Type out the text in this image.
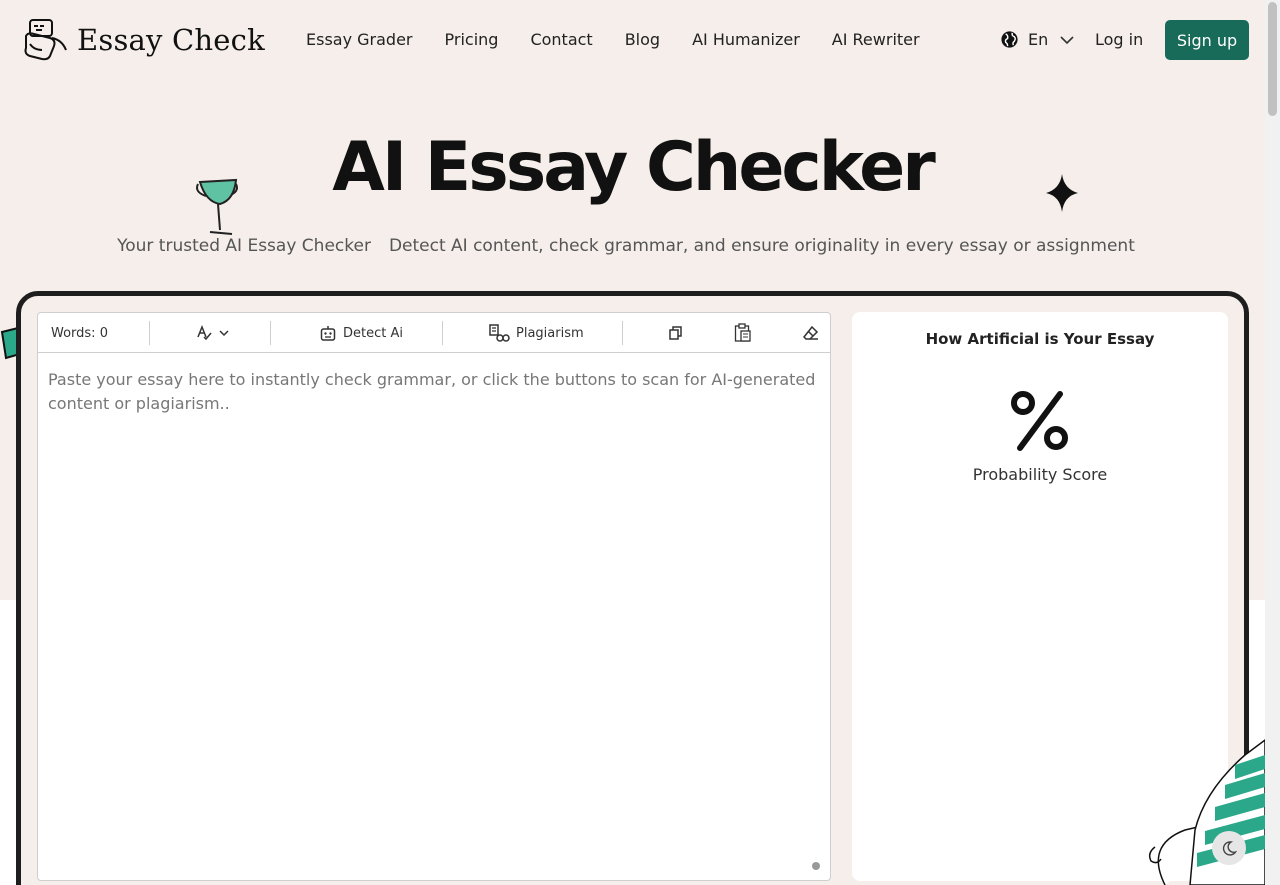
Essay Check	Essay Grader Pricing Contact Blog AI Humanizer AI Rewriter	En	Log in	Sign up
AI Essay Checker

Your trusted AI Essay Checker Detect AI content, check grammar, and ensure originality in every essay or assignment

Words: 0	Detect Ai	Plagiarism
Paste your essay here to instantly check grammar, or click the buttons to scan for AI-generated content or plagiarism..
How Artificial is Your Essay
Probability Score
